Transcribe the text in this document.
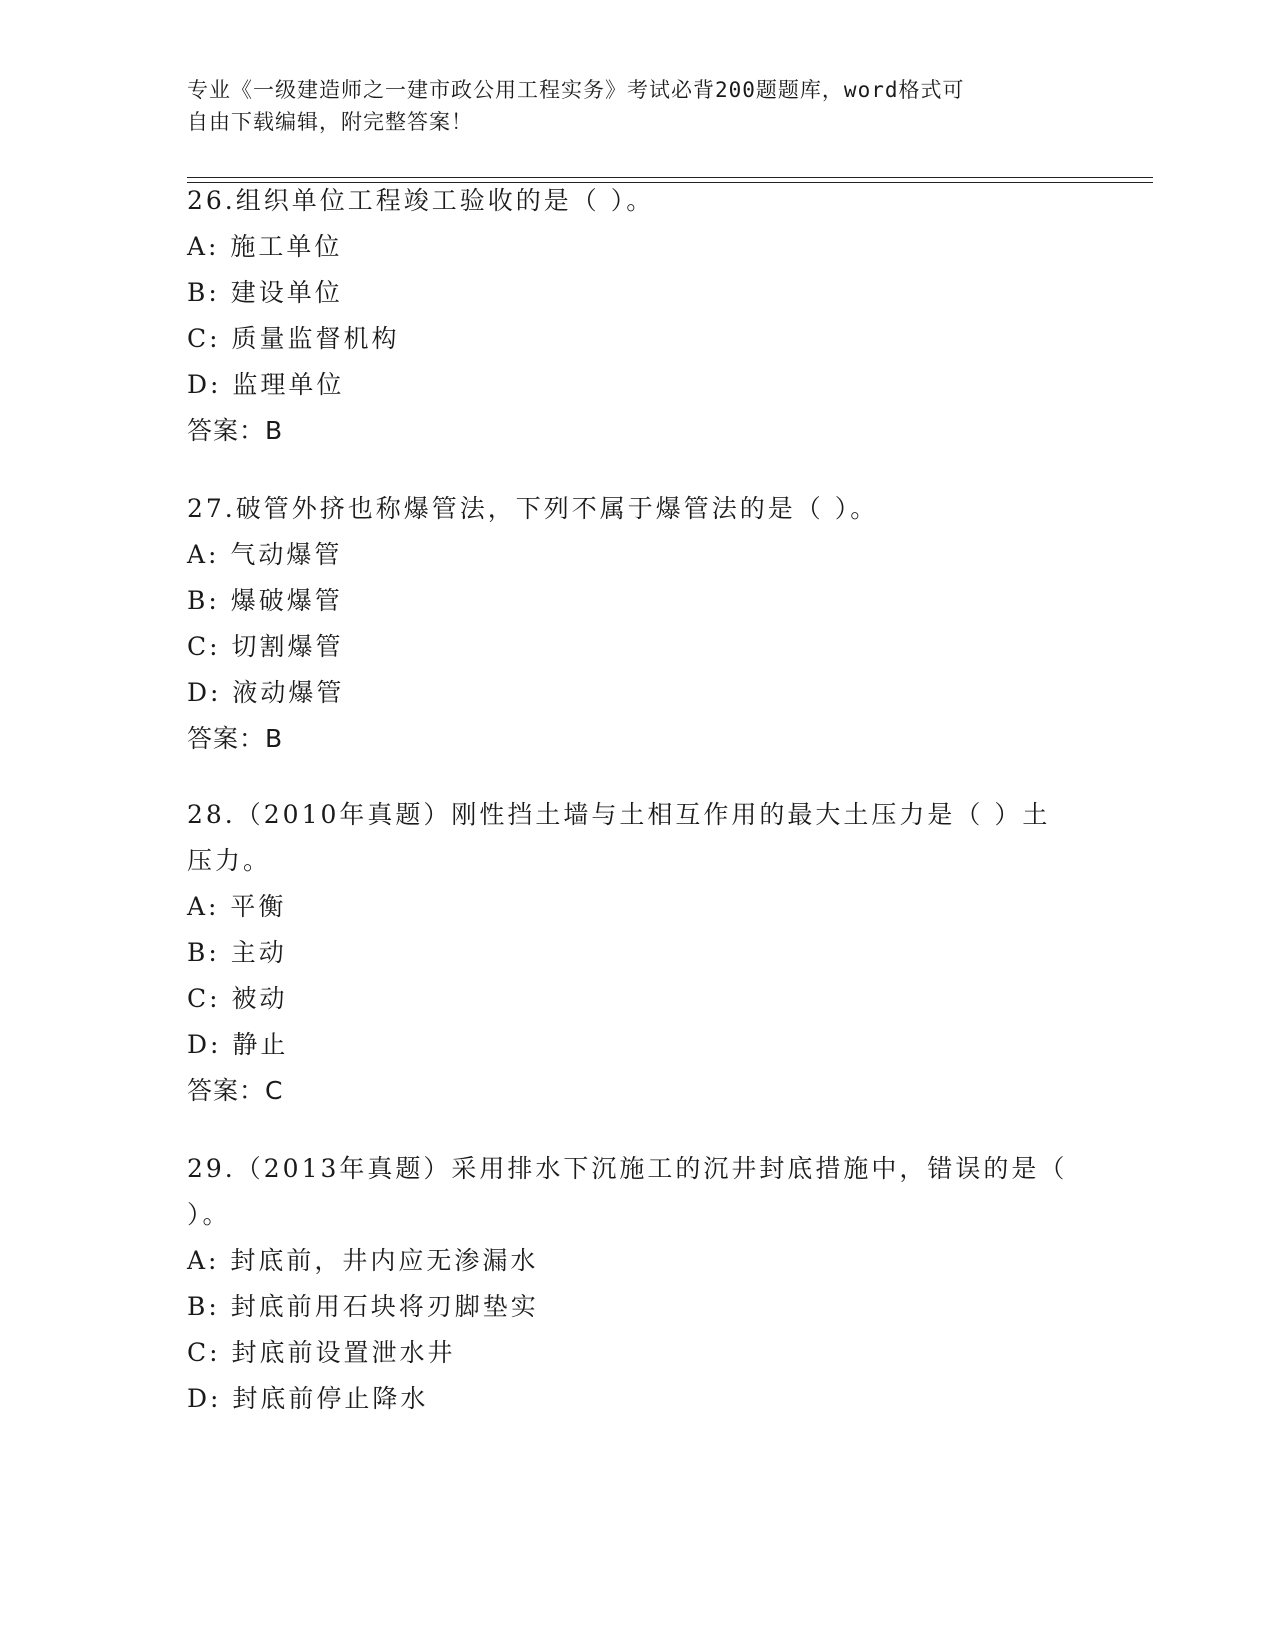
专业《一级建造师之一建市政公用工程实务》考试必背200题题库，word格式可
自由下载编辑，附完整答案！
26.组织单位工程竣工验收的是（ ）。
A: 施工单位
B: 建设单位
C: 质量监督机构
D: 监理单位
答案：B
27.破管外挤也称爆管法，下列不属于爆管法的是（ ）。
A: 气动爆管
B: 爆破爆管
C: 切割爆管
D: 液动爆管
答案：B
28.（2010年真题）刚性挡土墙与土相互作用的最大土压力是（ ）土
压力。
A: 平衡
B: 主动
C: 被动
D: 静止
答案：C
29.（2013年真题）采用排水下沉施工的沉井封底措施中，错误的是（
）。
A: 封底前，井内应无渗漏水
B: 封底前用石块将刃脚垫实
C: 封底前设置泄水井
D: 封底前停止降水
